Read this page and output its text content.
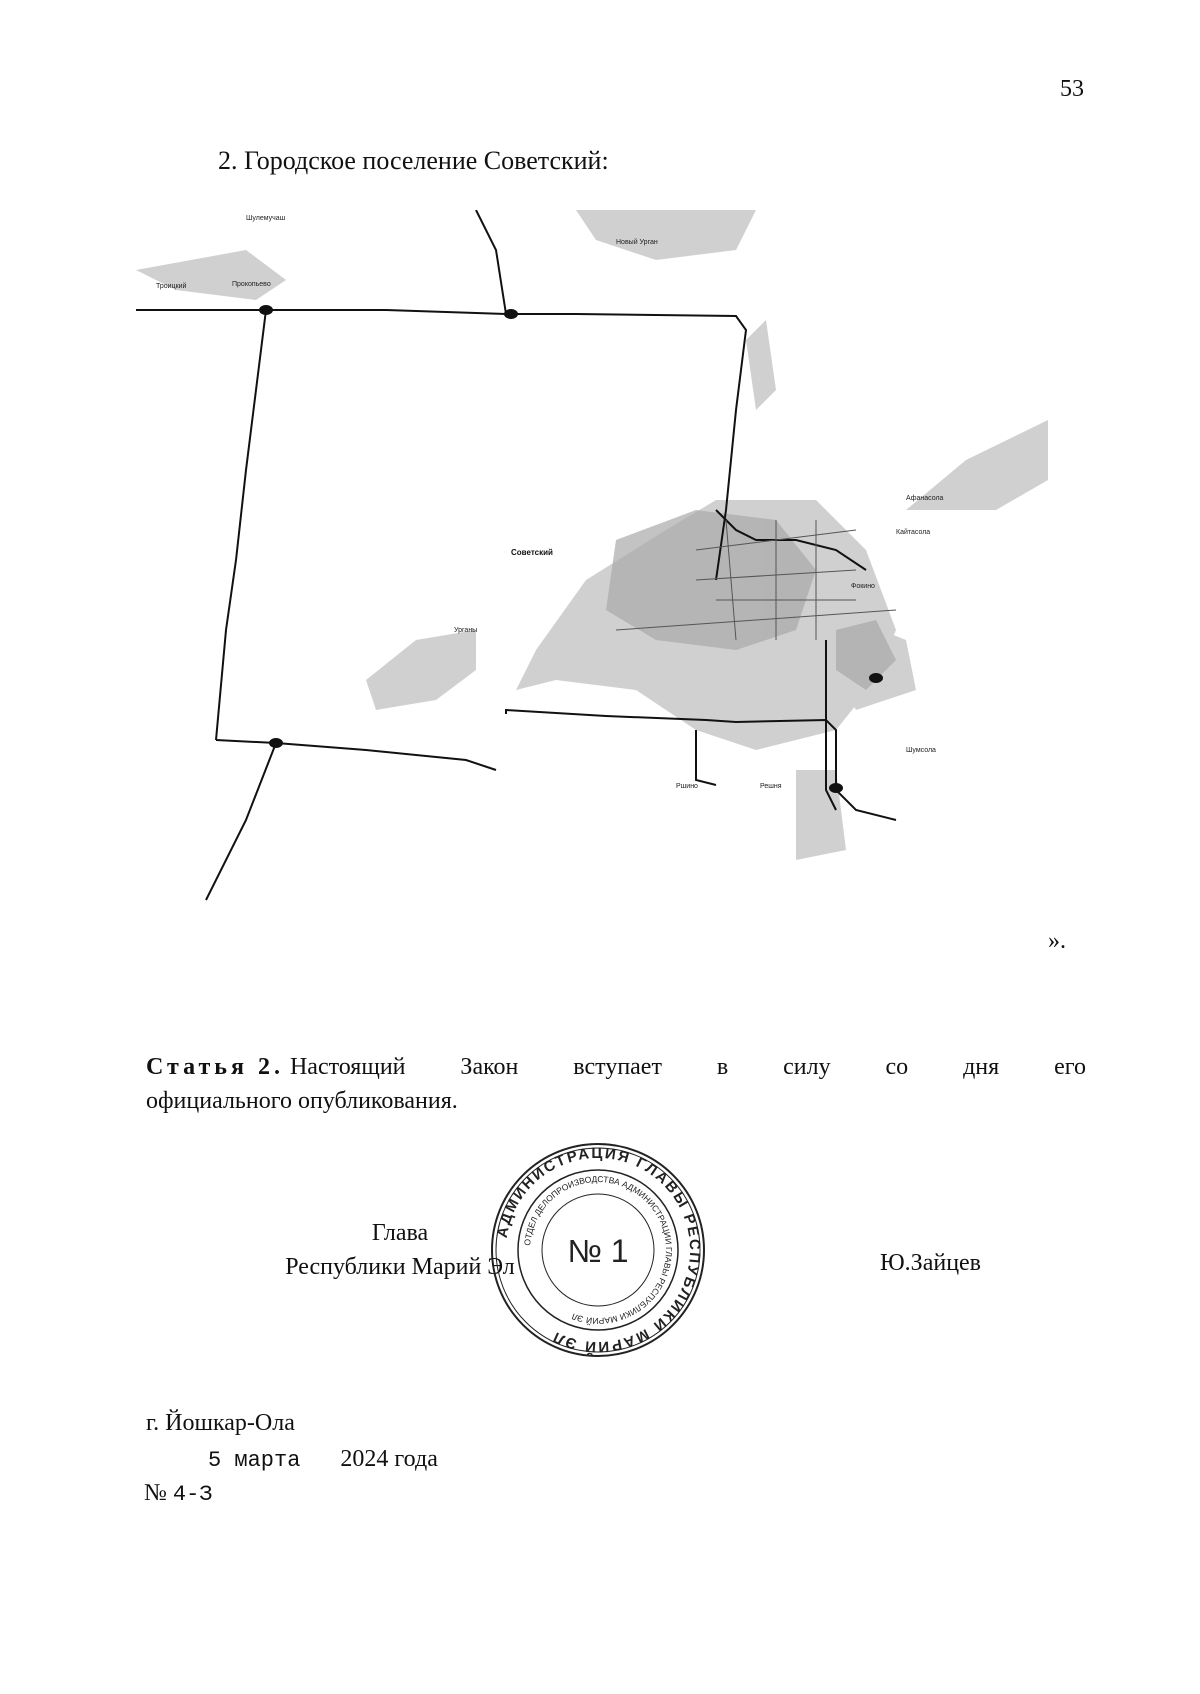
53
2. Городское поселение Советский:
Шулемучаш
Новый Урган
Троицкий	Прокопьево
Советский
Урганы
Афанасола
Кайтасола
Фокино
Шумсола
Ршино	Решня
».
Статья 2. Настоящий Закон вступает в силу со дня его
официального опубликования.
Глава
Республики Марий Эл
АДМИНИСТРАЦИЯ ГЛАВЫ РЕСПУБЛИКИ МАРИЙ ЭЛ
ОТДЕЛ ДЕЛОПРОИЗВОДСТВА АДМИНИСТРАЦИИ ГЛАВЫ РЕСПУБЛИКИ МАРИЙ ЭЛ
№ 1	Ю.Зайцев
г. Йошкар-Ола
5 марта 2024 года
№ 4-З
